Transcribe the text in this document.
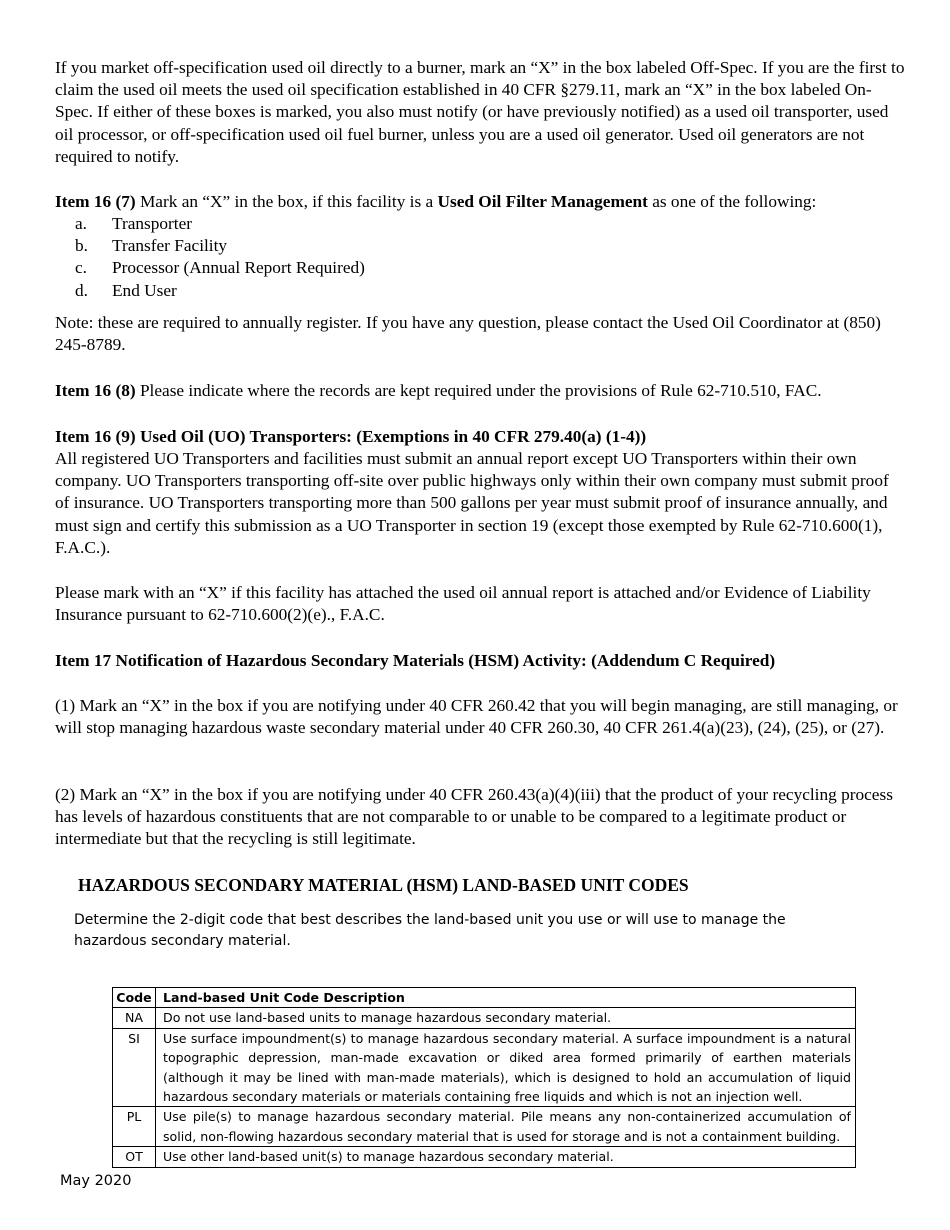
If you market off-specification used oil directly to a burner, mark an “X” in the box labeled Off-Spec. If you are the first to claim the used oil meets the used oil specification established in 40 CFR §279.11, mark an “X” in the box labeled On-Spec. If either of these boxes is marked, you also must notify (or have previously notified) as a used oil transporter, used oil processor, or off-specification used oil fuel burner, unless you are a used oil generator. Used oil generators are not required to notify.

Item 16 (7) Mark an “X” in the box, if this facility is a Used Oil Filter Management as one of the following:

a.	Transporter
b.	Transfer Facility
c.	Processor (Annual Report Required)
d.	End User

Note: these are required to annually register. If you have any question, please contact the Used Oil Coordinator at (850) 245-8789.

Item 16 (8) Please indicate where the records are kept required under the provisions of Rule 62-710.510, FAC.

Item 16 (9) Used Oil (UO) Transporters: (Exemptions in 40 CFR 279.40(a) (1-4))

All registered UO Transporters and facilities must submit an annual report except UO Transporters within their own company. UO Transporters transporting off-site over public highways only within their own company must submit proof of insurance. UO Transporters transporting more than 500 gallons per year must submit proof of insurance annually, and must sign and certify this submission as a UO Transporter in section 19 (except those exempted by Rule 62-710.600(1), F.A.C.).

Please mark with an “X” if this facility has attached the used oil annual report is attached and/or Evidence of Liability Insurance pursuant to 62-710.600(2)(e)., F.A.C.

Item 17 Notification of Hazardous Secondary Materials (HSM) Activity: (Addendum C Required)

(1) Mark an “X” in the box if you are notifying under 40 CFR 260.42 that you will begin managing, are still managing, or will stop managing hazardous waste secondary material under 40 CFR 260.30, 40 CFR 261.4(a)(23), (24), (25), or (27).

(2) Mark an “X” in the box if you are notifying under 40 CFR 260.43(a)(4)(iii) that the product of your recycling process has levels of hazardous constituents that are not comparable to or unable to be compared to a legitimate product or intermediate but that the recycling is still legitimate.

HAZARDOUS SECONDARY MATERIAL (HSM) LAND-BASED UNIT CODES
Determine the 2-digit code that best describes the land-based unit you use or will use to manage the hazardous secondary material.
Code	Land-based Unit Code Description
NA	Do not use land-based units to manage hazardous secondary material.
SI	Use surface impoundment(s) to manage hazardous secondary material. A surface impoundment is a natural topographic depression, man-made excavation or diked area formed primarily of earthen materials (although it may be lined with man-made materials), which is designed to hold an accumulation of liquid hazardous secondary materials or materials containing free liquids and which is not an injection well.
PL	Use pile(s) to manage hazardous secondary material. Pile means any non-containerized accumulation of solid, non-flowing hazardous secondary material that is used for storage and is not a containment building.
OT	Use other land-based unit(s) to manage hazardous secondary material.
May 2020
